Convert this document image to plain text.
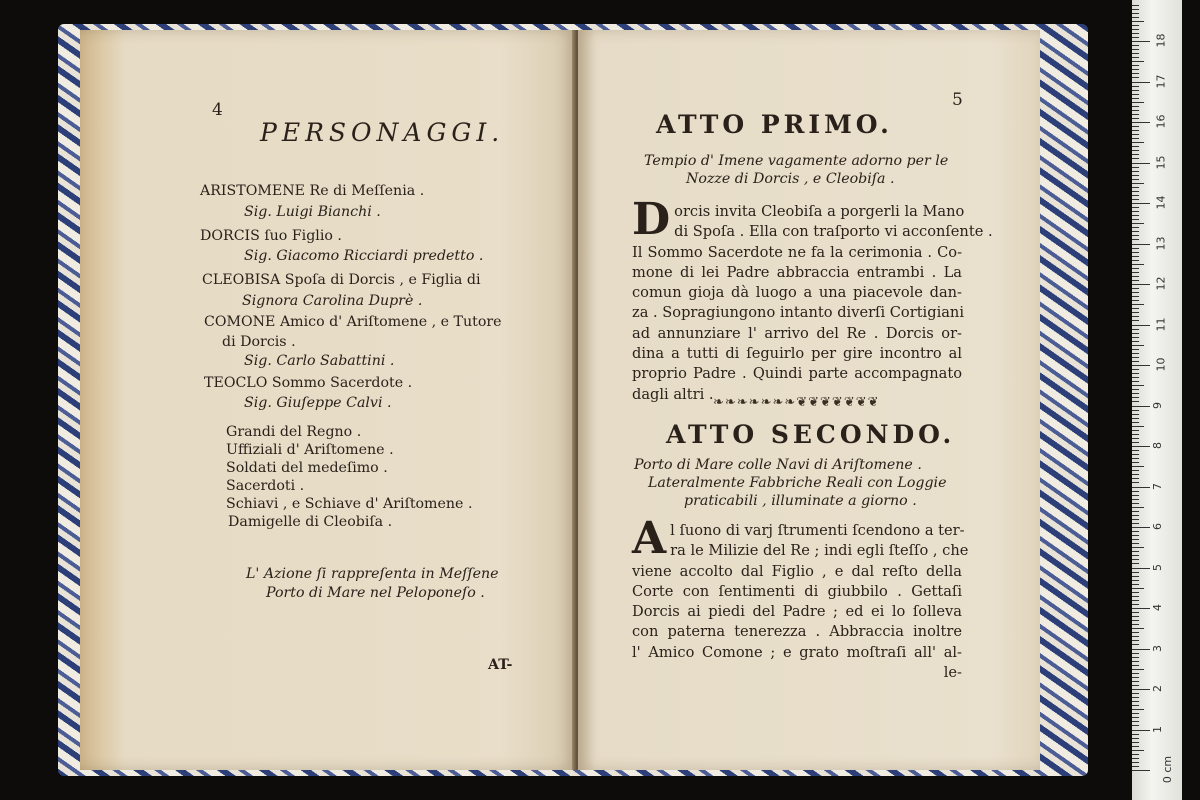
4
PERSONAGGI.
ARISTOMENE Re di Meſſenia .
Sig. Luigi Bianchi .
DORCIS ſuo Figlio .
Sig. Giacomo Ricciardi predetto .
CLEOBISA Spoſa di Dorcis , e Figlia di
Signora Carolina Duprè .
COMONE Amico d' Ariſtomene , e Tutore
di Dorcis .
Sig. Carlo Sabattini .
TEOCLO Sommo Sacerdote .
Sig. Giuſeppe Calvi .
Grandi del Regno .
Uffiziali d' Ariſtomene .
Soldati del medeſimo .
Sacerdoti .
Schiavi , e Schiave d' Ariſtomene .
Damigelle di Cleobiſa .
L' Azione ſi rappreſenta in Meſſene
Porto di Mare nel Peloponeſo .
AT-
5
ATTO PRIMO.
Tempio d' Imene vagamente adorno per le
Nozze di Dorcis , e Cleobiſa .
D orcis invita Cleobiſa a porgerli la Mano
di Spoſa . Ella con traſporto vi acconſente .
Il Sommo Sacerdote ne fa la cerimonia . Co-
mone di lei Padre abbraccia entrambi . La
comun gioja dà luogo a una piacevole dan-
za . Sopragiungono intanto diverſi Cortigiani
ad annunziare l' arrivo del Re . Dorcis or-
dina a tutti di ſeguirlo per gire incontro al
proprio Padre . Quindi parte accompagnato
dagli altri . ❧❧❧❧❧❧❧❦❦❦❦❦❦❦
ATTO SECONDO.
Porto di Mare colle Navi di Ariſtomene .
Lateralmente Fabbriche Reali con Loggie
praticabili , illuminate a giorno .
A l ſuono di varj ſtrumenti ſcendono a ter-
ra le Milizie del Re ; indi egli ſteſſo , che
viene accolto dal Figlio , e dal reſto della
Corte con ſentimenti di giubbilo . Gettaſi
Dorcis ai piedi del Padre ; ed ei lo ſolleva
con paterna tenerezza . Abbraccia inoltre
l' Amico Comone ; e grato moſtraſi all' al-
le-
0 cm
1
2
3
4
5
6
7
8
9
10
11
12
13
14
15
16
17
18
